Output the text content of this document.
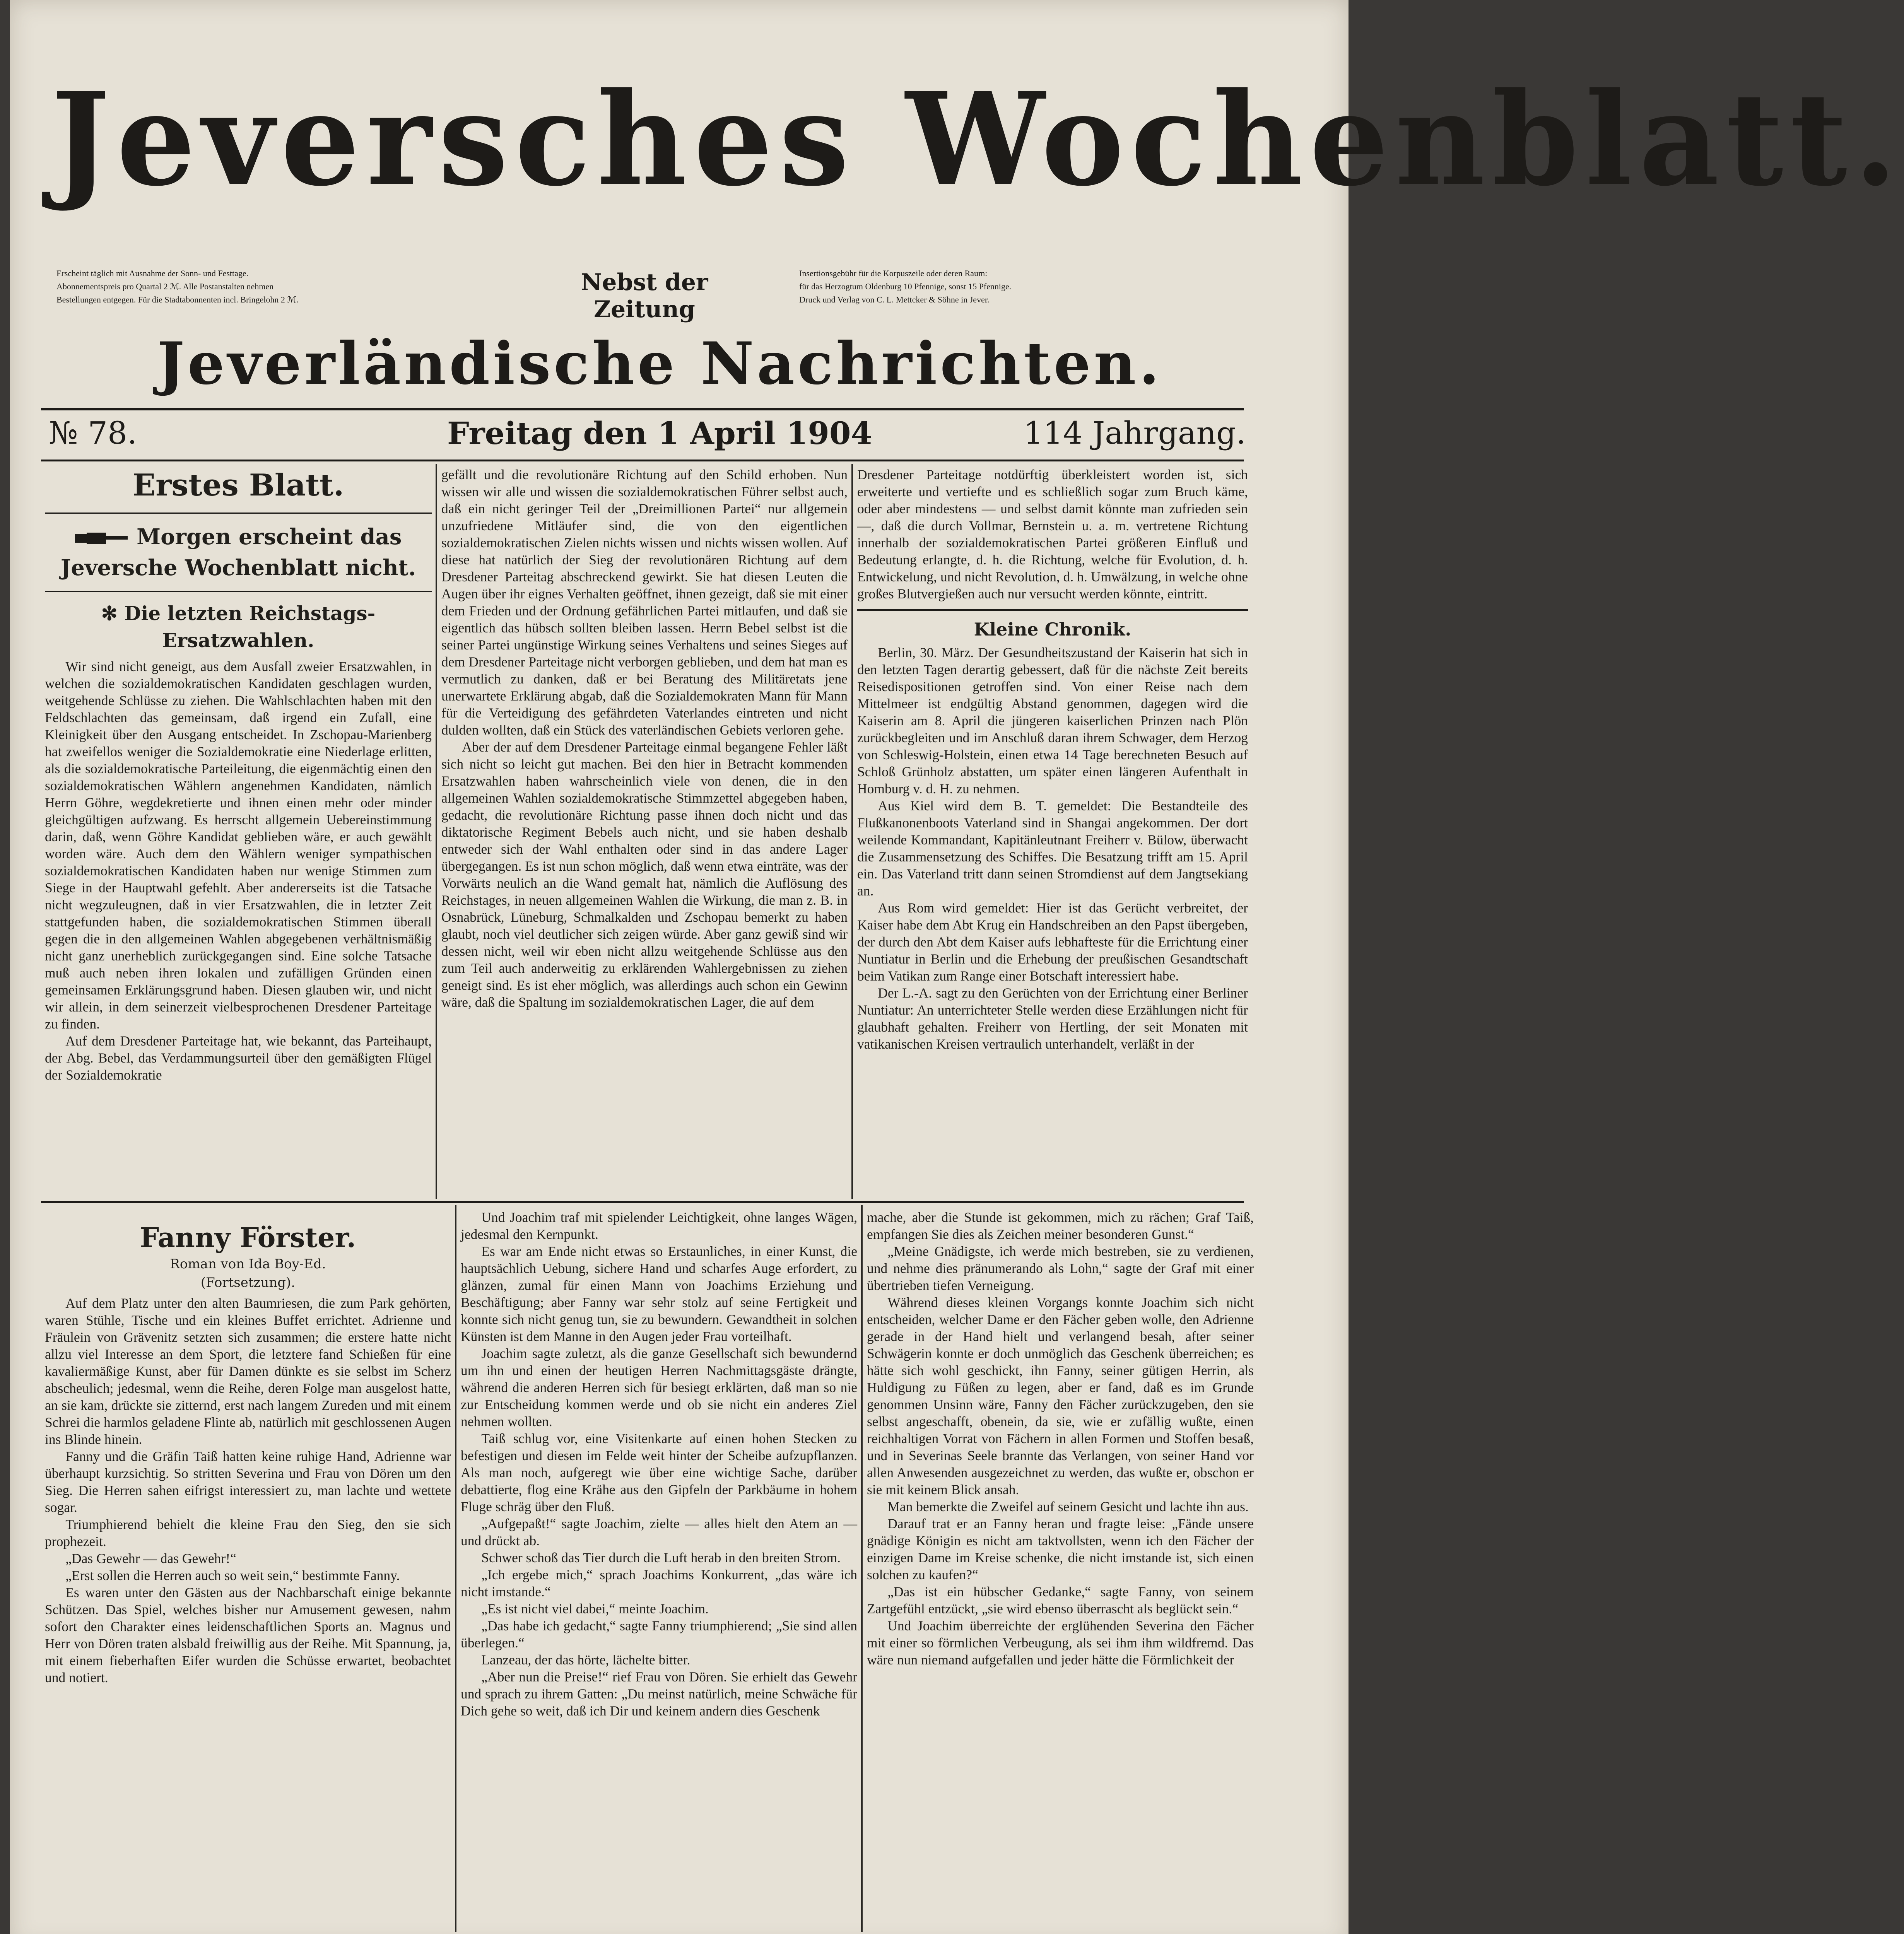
Jeversches Wochenblatt.
Erscheint täglich mit Ausnahme der Sonn- und Festtage.
Abonnementspreis pro Quartal 2 ℳ. Alle Postanstalten nehmen
Bestellungen entgegen. Für die Stadtabonnenten incl. Bringelohn 2 ℳ.
Nebst der Zeitung
Insertionsgebühr für die Korpuszeile oder deren Raum:
für das Herzogtum Oldenburg 10 Pfennige, sonst 15 Pfennige.
Druck und Verlag von C. L. Mettcker & Söhne in Jever.
Jeverländische Nachrichten.
№ 78.	Freitag den 1 April 1904	114 Jahrgang.
Erstes Blatt.
Morgen erscheint das Jeversche Wochenblatt nicht.
✻ Die letzten Reichstags-Ersatzwahlen.

Wir sind nicht geneigt, aus dem Ausfall zweier Ersatzwahlen, in welchen die sozialdemokratischen Kandidaten geschlagen wurden, weitgehende Schlüsse zu ziehen. Die Wahlschlachten haben mit den Feldschlachten das gemeinsam, daß irgend ein Zufall, eine Kleinigkeit über den Ausgang entscheidet. In Zschopau-Marienberg hat zweifellos weniger die Sozialdemokratie eine Niederlage erlitten, als die sozialdemokratische Parteileitung, die eigenmächtig einen den sozialdemokratischen Wählern angenehmen Kandidaten, nämlich Herrn Göhre, wegdekretierte und ihnen einen mehr oder minder gleichgültigen aufzwang. Es herrscht allgemein Uebereinstimmung darin, daß, wenn Göhre Kandidat geblieben wäre, er auch gewählt worden wäre. Auch dem den Wählern weniger sympathischen sozialdemokratischen Kandidaten haben nur wenige Stimmen zum Siege in der Hauptwahl gefehlt. Aber andererseits ist die Tatsache nicht wegzuleugnen, daß in vier Ersatzwahlen, die in letzter Zeit stattgefunden haben, die sozialdemokratischen Stimmen überall gegen die in den allgemeinen Wahlen abgegebenen verhältnismäßig nicht ganz unerheblich zurückgegangen sind. Eine solche Tatsache muß auch neben ihren lokalen und zufälligen Gründen einen gemeinsamen Erklärungsgrund haben. Diesen glauben wir, und nicht wir allein, in dem seinerzeit vielbesprochenen Dresdener Parteitage zu finden.

Auf dem Dresdener Parteitage hat, wie bekannt, das Parteihaupt, der Abg. Bebel, das Verdammungsurteil über den gemäßigten Flügel der Sozialdemokratie

gefällt und die revolutionäre Richtung auf den Schild erhoben. Nun wissen wir alle und wissen die sozialdemokratischen Führer selbst auch, daß ein nicht geringer Teil der „Dreimillionen Partei“ nur allgemein unzufriedene Mitläufer sind, die von den eigentlichen sozialdemokratischen Zielen nichts wissen und nichts wissen wollen. Auf diese hat natürlich der Sieg der revolutionären Richtung auf dem Dresdener Parteitag abschreckend gewirkt. Sie hat diesen Leuten die Augen über ihr eignes Verhalten geöffnet, ihnen gezeigt, daß sie mit einer dem Frieden und der Ordnung gefährlichen Partei mitlaufen, und daß sie eigentlich das hübsch sollten bleiben lassen. Herrn Bebel selbst ist die seiner Partei ungünstige Wirkung seines Verhaltens und seines Sieges auf dem Dresdener Parteitage nicht verborgen geblieben, und dem hat man es vermutlich zu danken, daß er bei Beratung des Militäretats jene unerwartete Erklärung abgab, daß die Sozialdemokraten Mann für Mann für die Verteidigung des gefährdeten Vaterlandes eintreten und nicht dulden wollten, daß ein Stück des vaterländischen Gebiets verloren gehe.

Aber der auf dem Dresdener Parteitage einmal begangene Fehler läßt sich nicht so leicht gut machen. Bei den hier in Betracht kommenden Ersatzwahlen haben wahrscheinlich viele von denen, die in den allgemeinen Wahlen sozialdemokratische Stimmzettel abgegeben haben, gedacht, die revolutionäre Richtung passe ihnen doch nicht und das diktatorische Regiment Bebels auch nicht, und sie haben deshalb entweder sich der Wahl enthalten oder sind in das andere Lager übergegangen. Es ist nun schon möglich, daß wenn etwa einträte, was der Vorwärts neulich an die Wand gemalt hat, nämlich die Auflösung des Reichstages, in neuen allgemeinen Wahlen die Wirkung, die man z. B. in Osnabrück, Lüneburg, Schmalkalden und Zschopau bemerkt zu haben glaubt, noch viel deutlicher sich zeigen würde. Aber ganz gewiß sind wir dessen nicht, weil wir eben nicht allzu weitgehende Schlüsse aus den zum Teil auch anderweitig zu erklärenden Wahlergebnissen zu ziehen geneigt sind. Es ist eher möglich, was allerdings auch schon ein Gewinn wäre, daß die Spaltung im sozialdemokratischen Lager, die auf dem

Dresdener Parteitage notdürftig überkleistert worden ist, sich erweiterte und vertiefte und es schließlich sogar zum Bruch käme, oder aber mindestens — und selbst damit könnte man zufrieden sein —, daß die durch Vollmar, Bernstein u. a. m. vertretene Richtung innerhalb der sozialdemokratischen Partei größeren Einfluß und Bedeutung erlangte, d. h. die Richtung, welche für Evolution, d. h. Entwickelung, und nicht Revolution, d. h. Umwälzung, in welche ohne großes Blutvergießen auch nur versucht werden könnte, eintritt.

Kleine Chronik.

Berlin, 30. März. Der Gesundheitszustand der Kaiserin hat sich in den letzten Tagen derartig gebessert, daß für die nächste Zeit bereits Reisedispositionen getroffen sind. Von einer Reise nach dem Mittelmeer ist endgültig Abstand genommen, dagegen wird die Kaiserin am 8. April die jüngeren kaiserlichen Prinzen nach Plön zurückbegleiten und im Anschluß daran ihrem Schwager, dem Herzog von Schleswig-Holstein, einen etwa 14 Tage berechneten Besuch auf Schloß Grünholz abstatten, um später einen längeren Aufenthalt in Homburg v. d. H. zu nehmen.

Aus Kiel wird dem B. T. gemeldet: Die Bestandteile des Flußkanonenboots Vaterland sind in Shangai angekommen. Der dort weilende Kommandant, Kapitänleutnant Freiherr v. Bülow, überwacht die Zusammensetzung des Schiffes. Die Besatzung trifft am 15. April ein. Das Vaterland tritt dann seinen Stromdienst auf dem Jangtsekiang an.

Aus Rom wird gemeldet: Hier ist das Gerücht verbreitet, der Kaiser habe dem Abt Krug ein Handschreiben an den Papst übergeben, der durch den Abt dem Kaiser aufs lebhafteste für die Errichtung einer Nuntiatur in Berlin und die Erhebung der preußischen Gesandtschaft beim Vatikan zum Range einer Botschaft interessiert habe.

Der L.-A. sagt zu den Gerüchten von der Errichtung einer Berliner Nuntiatur: An unterrichteter Stelle werden diese Erzählungen nicht für glaubhaft gehalten. Freiherr von Hertling, der seit Monaten mit vatikanischen Kreisen vertraulich unterhandelt, verläßt in der

Fanny Förster.
Roman von Ida Boy-Ed.
(Fortsetzung).

Auf dem Platz unter den alten Baumriesen, die zum Park gehörten, waren Stühle, Tische und ein kleines Buffet errichtet. Adrienne und Fräulein von Grävenitz setzten sich zusammen; die erstere hatte nicht allzu viel Interesse an dem Sport, die letztere fand Schießen für eine kavaliermäßige Kunst, aber für Damen dünkte es sie selbst im Scherz abscheulich; jedesmal, wenn die Reihe, deren Folge man ausgelost hatte, an sie kam, drückte sie zitternd, erst nach langem Zureden und mit einem Schrei die harmlos geladene Flinte ab, natürlich mit geschlossenen Augen ins Blinde hinein.

Fanny und die Gräfin Taiß hatten keine ruhige Hand, Adrienne war überhaupt kurzsichtig. So stritten Severina und Frau von Dören um den Sieg. Die Herren sahen eifrigst interessiert zu, man lachte und wettete sogar.

Triumphierend behielt die kleine Frau den Sieg, den sie sich prophezeit.

„Das Gewehr — das Gewehr!“

„Erst sollen die Herren auch so weit sein,“ bestimmte Fanny.

Es waren unter den Gästen aus der Nachbarschaft einige bekannte Schützen. Das Spiel, welches bisher nur Amusement gewesen, nahm sofort den Charakter eines leidenschaftlichen Sports an. Magnus und Herr von Dören traten alsbald freiwillig aus der Reihe. Mit Spannung, ja, mit einem fieberhaften Eifer wurden die Schüsse erwartet, beobachtet und notiert.

Und Joachim traf mit spielender Leichtigkeit, ohne langes Wägen, jedesmal den Kernpunkt.

Es war am Ende nicht etwas so Erstaunliches, in einer Kunst, die hauptsächlich Uebung, sichere Hand und scharfes Auge erfordert, zu glänzen, zumal für einen Mann von Joachims Erziehung und Beschäftigung; aber Fanny war sehr stolz auf seine Fertigkeit und konnte sich nicht genug tun, sie zu bewundern. Gewandtheit in solchen Künsten ist dem Manne in den Augen jeder Frau vorteilhaft.

Joachim sagte zuletzt, als die ganze Gesellschaft sich bewundernd um ihn und einen der heutigen Herren Nachmittagsgäste drängte, während die anderen Herren sich für besiegt erklärten, daß man so nie zur Entscheidung kommen werde und ob sie nicht ein anderes Ziel nehmen wollten.

Taiß schlug vor, eine Visitenkarte auf einen hohen Stecken zu befestigen und diesen im Felde weit hinter der Scheibe aufzupflanzen. Als man noch, aufgeregt wie über eine wichtige Sache, darüber debattierte, flog eine Krähe aus den Gipfeln der Parkbäume in hohem Fluge schräg über den Fluß.

„Aufgepaßt!“ sagte Joachim, zielte — alles hielt den Atem an — und drückt ab.

Schwer schoß das Tier durch die Luft herab in den breiten Strom.

„Ich ergebe mich,“ sprach Joachims Konkurrent, „das wäre ich nicht imstande.“

„Es ist nicht viel dabei,“ meinte Joachim.

„Das habe ich gedacht,“ sagte Fanny triumphierend; „Sie sind allen überlegen.“

Lanzeau, der das hörte, lächelte bitter.

„Aber nun die Preise!“ rief Frau von Dören. Sie erhielt das Gewehr und sprach zu ihrem Gatten: „Du meinst natürlich, meine Schwäche für Dich gehe so weit, daß ich Dir und keinem andern dies Geschenk

mache, aber die Stunde ist gekommen, mich zu rächen; Graf Taiß, empfangen Sie dies als Zeichen meiner besonderen Gunst.“

„Meine Gnädigste, ich werde mich bestreben, sie zu verdienen, und nehme dies pränumerando als Lohn,“ sagte der Graf mit einer übertrieben tiefen Verneigung.

Während dieses kleinen Vorgangs konnte Joachim sich nicht entscheiden, welcher Dame er den Fächer geben wolle, den Adrienne gerade in der Hand hielt und verlangend besah, after seiner Schwägerin konnte er doch unmöglich das Geschenk überreichen; es hätte sich wohl geschickt, ihn Fanny, seiner gütigen Herrin, als Huldigung zu Füßen zu legen, aber er fand, daß es im Grunde genommen Unsinn wäre, Fanny den Fächer zurückzugeben, den sie selbst angeschafft, obenein, da sie, wie er zufällig wußte, einen reichhaltigen Vorrat von Fächern in allen Formen und Stoffen besaß, und in Severinas Seele brannte das Verlangen, von seiner Hand vor allen Anwesenden ausgezeichnet zu werden, das wußte er, obschon er sie mit keinem Blick ansah.

Man bemerkte die Zweifel auf seinem Gesicht und lachte ihn aus.

Darauf trat er an Fanny heran und fragte leise: „Fände unsere gnädige Königin es nicht am taktvollsten, wenn ich den Fächer der einzigen Dame im Kreise schenke, die nicht imstande ist, sich einen solchen zu kaufen?“

„Das ist ein hübscher Gedanke,“ sagte Fanny, von seinem Zartgefühl entzückt, „sie wird ebenso überrascht als beglückt sein.“

Und Joachim überreichte der erglühenden Severina den Fächer mit einer so förmlichen Verbeugung, als sei ihm ihm wildfremd. Das wäre nun niemand aufgefallen und jeder hätte die Förmlichkeit der
